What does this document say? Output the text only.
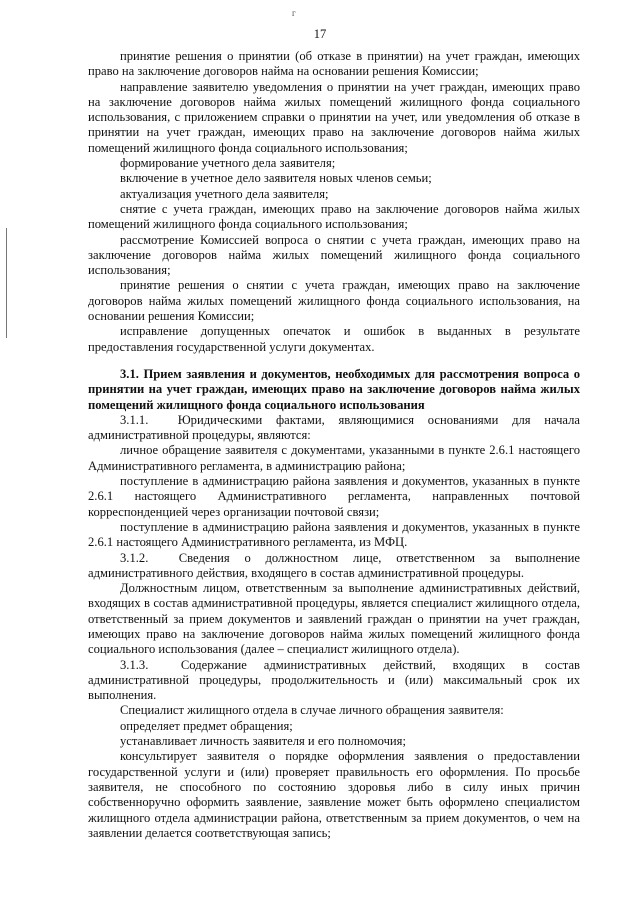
г
17

принятие решения о принятии (об отказе в принятии) на учет граждан, имеющих право на заключение договоров найма на основании решения Комиссии;

направление заявителю уведомления о принятии на учет граждан, имеющих право на заключение договоров найма жилых помещений жилищного фонда социального использования, с приложением справки о принятии на учет, или уведомления об отказе в принятии на учет граждан, имеющих право на заключение договоров найма жилых помещений жилищного фонда социального использования;

формирование учетного дела заявителя;

включение в учетное дело заявителя новых членов семьи;

актуализация учетного дела заявителя;

снятие с учета граждан, имеющих право на заключение договоров найма жилых помещений жилищного фонда социального использования;

рассмотрение Комиссией вопроса о снятии с учета граждан, имеющих право на заключение договоров найма жилых помещений жилищного фонда социального использования;

принятие решения о снятии с учета граждан, имеющих право на заключение договоров найма жилых помещений жилищного фонда социального использования, на основании решения Комиссии;

исправление допущенных опечаток и ошибок в выданных в результате предоставления государственной услуги документах.

3.1. Прием заявления и документов, необходимых для рассмотрения вопроса о принятии на учет граждан, имеющих право на заключение договоров найма жилых помещений жилищного фонда социального использования

3.1.1. Юридическими фактами, являющимися основаниями для начала административной процедуры, являются:

личное обращение заявителя с документами, указанными в пункте 2.6.1 настоящего Административного регламента, в администрацию района;

поступление в администрацию района заявления и документов, указанных в пункте 2.6.1 настоящего Административного регламента, направленных почтовой корреспонденцией через организации почтовой связи;

поступление в администрацию района заявления и документов, указанных в пункте 2.6.1 настоящего Административного регламента, из МФЦ.

3.1.2. Сведения о должностном лице, ответственном за выполнение административного действия, входящего в состав административной процедуры.

Должностным лицом, ответственным за выполнение административных действий, входящих в состав административной процедуры, является специалист жилищного отдела, ответственный за прием документов и заявлений граждан о принятии на учет граждан, имеющих право на заключение договоров найма жилых помещений жилищного фонда социального использования (далее – специалист жилищного отдела).

3.1.3.	Содержание административных действий, входящих в состав административной процедуры, продолжительность и (или) максимальный срок их выполнения.

Специалист жилищного отдела в случае личного обращения заявителя:

определяет предмет обращения;

устанавливает личность заявителя и его полномочия;

консультирует заявителя о порядке оформления заявления о предоставлении государственной услуги и (или) проверяет правильность его оформления. По просьбе заявителя, не способного по состоянию здоровья либо в силу иных причин собственноручно оформить заявление, заявление может быть оформлено специалистом жилищного отдела администрации района, ответственным за прием документов, о чем на заявлении делается соответствующая запись;
